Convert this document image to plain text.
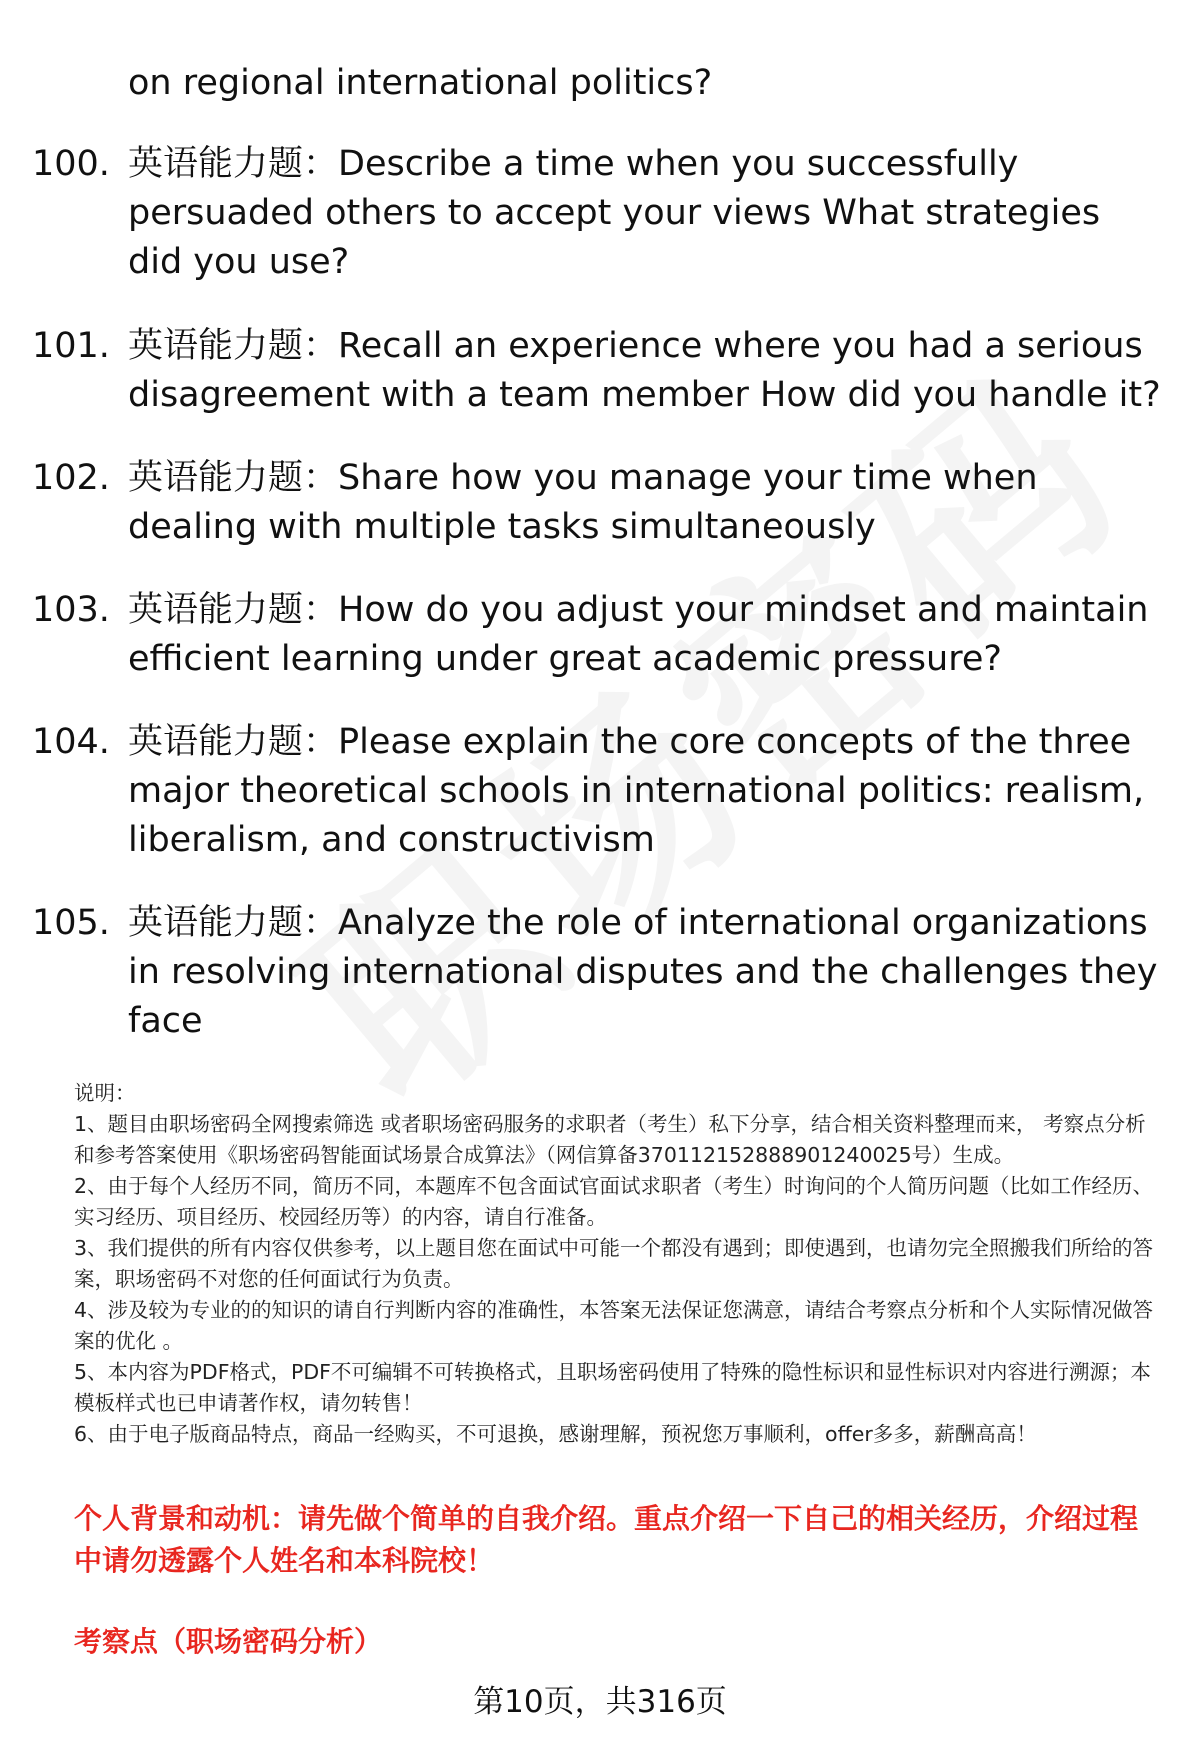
on regional international politics?
100. 英语能力题：Describe a time when you successfully persuaded others to accept your views What strategies did you use?
101. 英语能力题：Recall an experience where you had a serious disagreement with a team member How did you handle it?
102. 英语能力题：Share how you manage your time when dealing with multiple tasks simultaneously
103. 英语能力题：How do you adjust your mindset and maintain efficient learning under great academic pressure?
104. 英语能力题：Please explain the core concepts of the three major theoretical schools in international politics: realism, liberalism, and constructivism
105. 英语能力题：Analyze the role of international organizations in resolving international disputes and the challenges they face

说明：

1、题目由职场密码全网搜索筛选 或者职场密码服务的求职者（考生）私下分享，结合相关资料整理而来， 考察点分析和参考答案使用《职场密码智能面试场景合成算法》（网信算备370112152888901240025号）生成。

2、由于每个人经历不同，简历不同，本题库不包含面试官面试求职者（考生）时询问的个人简历问题（比如工作经历、实习经历、项目经历、校园经历等）的内容，请自行准备。

3、我们提供的所有内容仅供参考，以上题目您在面试中可能一个都没有遇到；即使遇到，也请勿完全照搬我们所给的答案，职场密码不对您的任何面试行为负责。

4、涉及较为专业的的知识的请自行判断内容的准确性，本答案无法保证您满意，请结合考察点分析和个人实际情况做答案的优化 。

5、本内容为PDF格式，PDF不可编辑不可转换格式，且职场密码使用了特殊的隐性标识和显性标识对内容进行溯源；本模板样式也已申请著作权，请勿转售！

6、由于电子版商品特点，商品一经购买，不可退换，感谢理解，预祝您万事顺利，offer多多，薪酬高高！

个人背景和动机：请先做个简单的自我介绍。重点介绍一下自己的相关经历，介绍过程中请勿透露个人姓名和本科院校！
考察点（职场密码分析）
第10页，共316页
